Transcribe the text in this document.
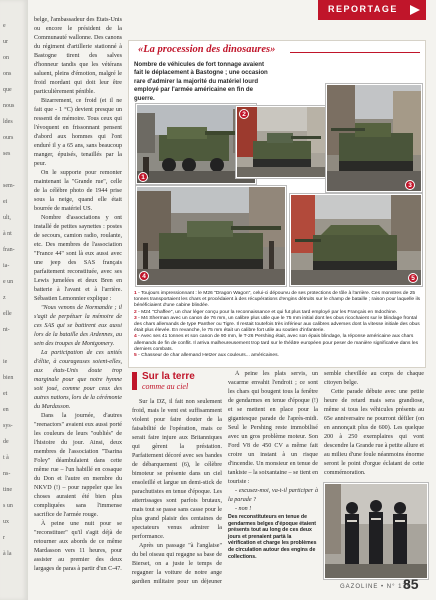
e
ur
on
ons
que
nous
ldes
ours
ses
sem-
ei
ult,
à nt
fran-
ia-
e un
z
elle
nt-
ie
bien
et
en
sys-
de
t à
ns-
tine
s un
ux
r
à la
REPORTAGE

belge, l'ambassadeur des États-Unis ou encore le président de la Communauté wallonne. Des canons du régiment d'artillerie stationné à Bastogne tirent des salves d'honneur tandis que les vétérans saluent, pleins d'émotion, malgré le froid mordant qui doit leur être particulièrement pénible.

Bizarrement, ce froid (et il ne fait que - 1 °C) devient presque un ressenti de mémoire. Tous ceux qui l'évoquent en frissonnant pensent d'abord aux hommes qui l'ont enduré il y a 65 ans, sans beaucoup manger, épuisés, tenaillés par la peur.

On le supporte pour remonter maintenant la "Grande rue", celle de la célèbre photo de 1944 prise sous la neige, quand elle était bourrée de matériel US.

Nombre d'associations y ont installé de petites saynettes : postes de secours, camion radio, roulante, etc. Des membres de l'association "France 44" sont là eux aussi avec une jeep des SAS français parfaitement reconstituée, avec ses Lewis jumelées et deux Bren en batterie à l'avant et à l'arrière. Sébastien Lemonnier explique :

"Nous venons de Normandie ; il s'agit de perpétuer la mémoire de ces SAS qui se battirent eux aussi lors de la bataille des Ardennes, au sein des troupes de Montgomery.

La participation de ces unités d'élite, à courageuses soient-elles, aux états-Unis doute trop marginale pour que notre hymne soit joué, comme pour ceux des autres nations, lors de la cérémonie du Mardasson.

Dans la journée, d'autres "reenactors" avaient eux aussi porté les couleurs de leurs "oubliés" de l'histoire du jour. Ainsi, deux membres de l'association "Tsarina Foley" déambulaient dans cette même rue – l'un habillé en cosaque du Don et l'autre en membre du NKVD (!) – pour rappeler que les choses auraient été bien plus compliquées sans l'immense sacrifice de l'armée rouge.

À peine une nuit pour se "reconstituer" qu'il s'agit déjà de retourner aux abords de ce même Mardasson vers 11 heures, pour assister au premier des deux largages de paras à partir d'un C-47.

«La procession des dinosaures»
Nombre de véhicules de fort tonnage avaient fait le déplacement à Bastogne ; une occasion rare d'admirer la majorité du matériel lourd employé par l'armée américaine en fin de guerre.
1
2
3
4	5
1 - Toujours impressionnant : le M26 "Dragon Wagon", celui-ci dépourvu de ses protections de tôle à l'arrière. Ces monstres de 25 tonnes transportaient les chars et procédaient à des récupérations d'engins détruits sur le champ de bataille ; raison pour laquelle ils bénéficiaient d'une cabine blindée.
2 - M24 "Chaffee", un char léger conçu pour la reconnaissance et qui fut plus tard employé par les Français en Indochine.
3 - M4 Sherman avec un canon de 76 mm, un calibre plus utile que le 75 mm initial dont les obus ricochaient sur le blindage frontal des chars allemands de type Panther ou Tigre. Il restait toutefois très inférieur aux calibres adverses dont la vitesse initiale des obus était plus élevée. En revanche, le 75 mm était un calibre fort utile au soutien d'infanterie.
4 - Avec ses 41 tonnes et son canon de 90 mm, le T-26 Pershing était, avec son épais blindage, la réponse américaine aux chars allemands de fin de conflit. Il arriva malheureusement trop tard sur le théâtre européen pour peser de manière significative dans les derniers combats.
5 - Chasseur de char allemand Hetzer aux couleurs... américaines.
Sur la terre
comme au ciel

Sur la DZ, il fait non seulement froid, mais le vent est suffisamment violent pour faire douter de la faisabilité de l'opération, mais ce serait faire injure aux Britanniques qui gèrent la préstation. Parfaitement décoré avec ses bandes de débarquement (6), le célèbre bimoteur se présente dans un ciel ensoleillé et largue un demi-stick de parachutistes en tenue d'époque. Les atterrissages sont parfois brutaux, mais tout se passe sans casse pour le plus grand plaisir des centaines de spectateurs venus admirer la performance.

Après un passage "à l'anglaise" du bel oiseau qui regagne sa base de Bierset, on a juste le temps de regagner la voiture de notre ange gardien militaire pour un déjeuner

À peine les plats servis, un vacarme envahit l'endroit ; ce sont les chars qui bougent tous la fenêtre de gendarmes en tenue d'époque (!) et se mettent en place pour la gigantesque parade de l'après-midi. Seul le Pershing reste immobilisé avec un gros problème moteur. Son Ford V8 de 450 CV a même fait croire un instant à un risque d'incendie. Un monsieur en tenue de tankiste – la soixantaine – se tient en touriste :

- excusez-moi, va-t-il participer à la parade ?

- non !

semble chevillée au corps de chaque citoyen belge.

Cette parade débute avec une petite heure de retard mais sera grandiose, même si tous les véhicules présents au 65e anniversaire ne pourront défiler (on en annonçait plus de 600). Les quelque 200 à 250 exemplaires qui vont descendre la Grande rue à petite allure et au milieu d'une foule néanmoins énorme seront le point d'orgue éclatant de cette commémoration.

Des reconstituteurs en tenue de gendarmes belges d'époque étaient présents tout au long de ces deux jours et prenaient partà la vérification et charge les problèmes de circulation autour des engins de collections.
GAZOLINE • N° 179
85
